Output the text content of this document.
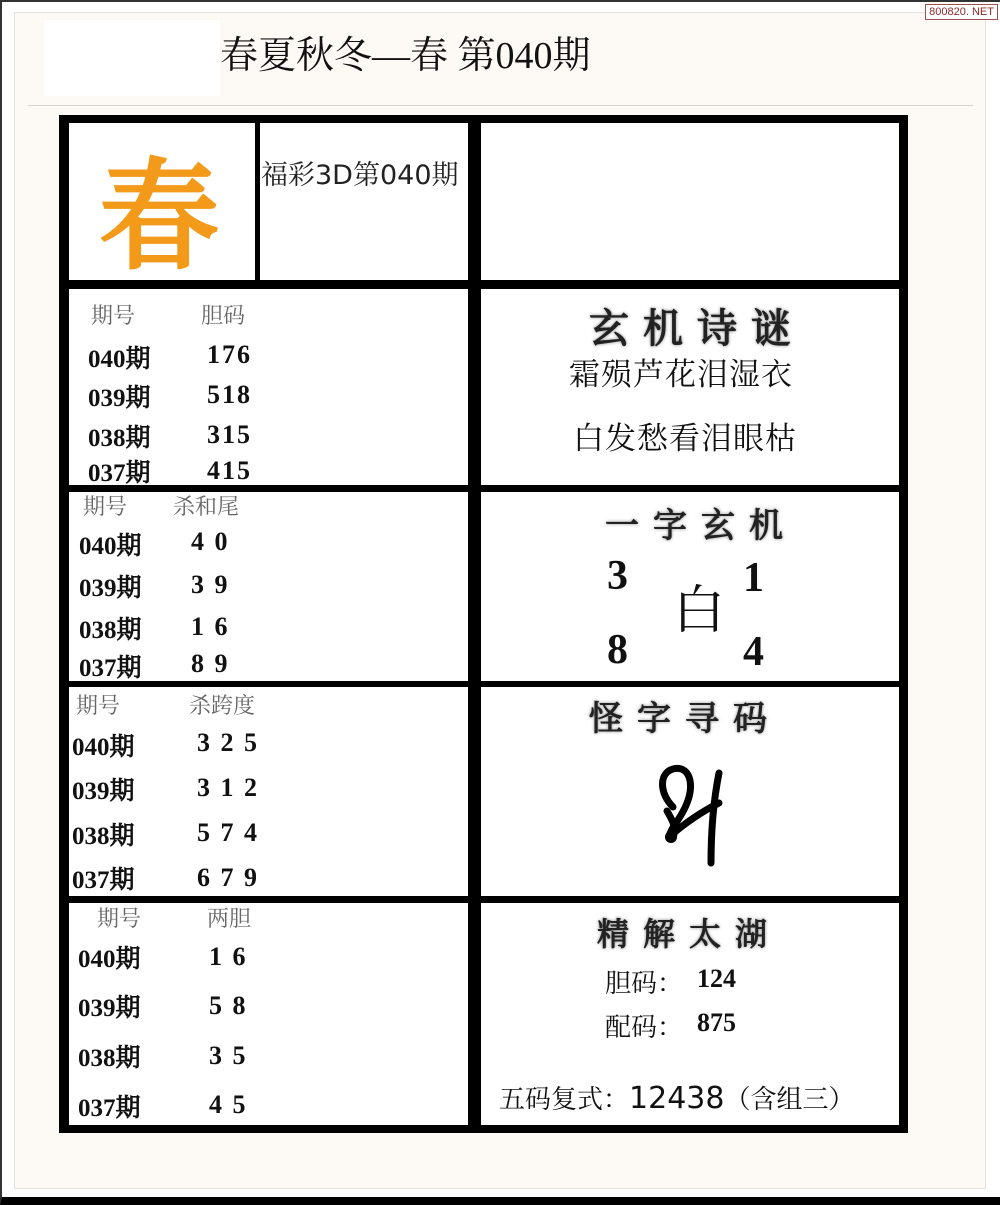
800820. NET
春夏秋冬—春 第040期
春 福彩3D第040期
期号	胆码
040期 176
039期 518
038期 315
037期 415
期号 杀和尾
040期 4 0
039期 3 9
038期 1 6
037期 8 9
期号	杀跨度
040期 3 2 5
039期 3 1 2
038期 5 7 4
037期 6 7 9
期号	两胆
040期	1 6
039期	5 8
038期	3 5
037期	4 5
玄机诗谜
霜殒芦花泪湿衣
白发愁看泪眼枯
一字玄机
3	1
白
8	4
怪字寻码
精解太湖
胆码： 124
配码： 875
五码复式：12438（含组三）
